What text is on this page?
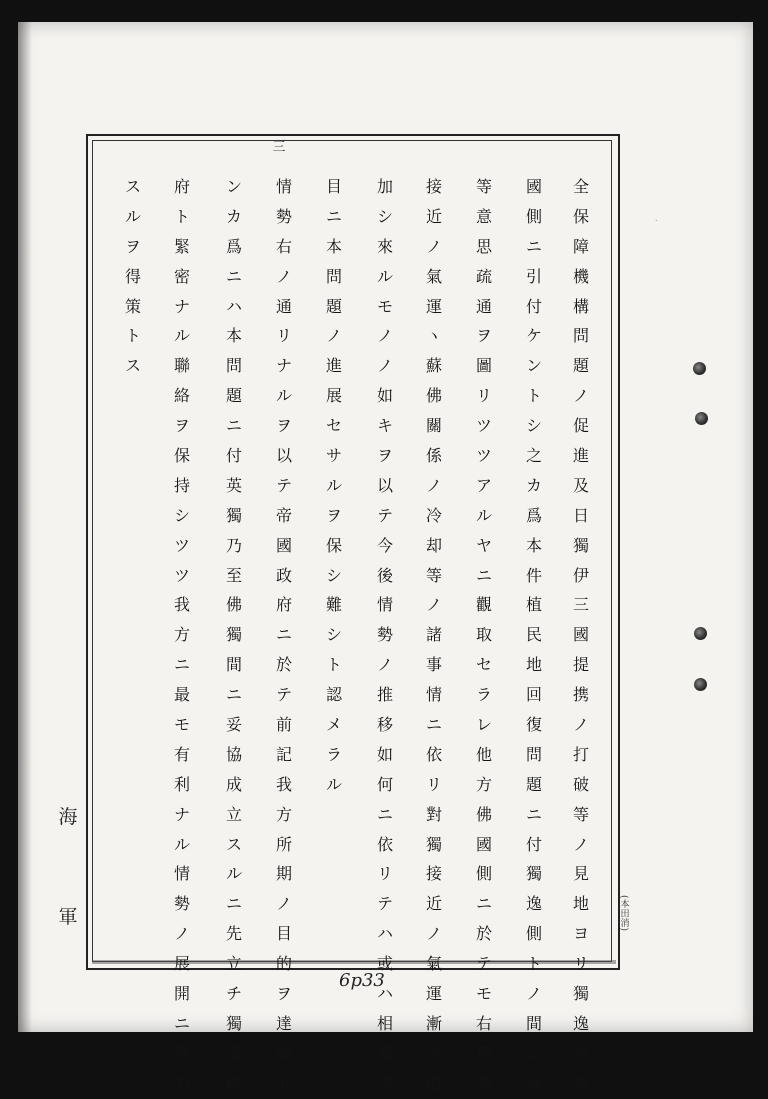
三
全
保
障
機
構
問
題
ノ
促
進
及
日
獨
伊
三
國
提
携
ノ
打
破
等
ノ
見
地
ヨ
リ
獨
逸
ヲ
自
國
側
ニ
引
付
ケ
ン
ト
シ
之
カ
爲
本
件
植
民
地
回
復
問
題
ニ
付
獨
逸
側
ト
ノ
間
ニ
何
等
意
思
疏
通
ヲ
圖
リ
ツ
ツ
ア
ル
ヤ
ニ
觀
取
セ
ラ
レ
他
方
佛
國
側
ニ
於
テ
モ
右
英
獨
接
近
ノ
氣
運
ヽ
蘇
佛
關
係
ノ
冷
却
等
ノ
諸
事
情
ニ
依
リ
對
獨
接
近
ノ
氣
運
漸
次
增
加
シ
來
ル
モ
ノ
ノ
如
キ
ヲ
以
テ
今
後
情
勢
ノ
推
移
如
何
ニ
依
リ
テ
ハ
或
ハ
相
當
早
目
ニ
本
問
題
ノ
進
展
セ
サ
ル
ヲ
保
シ
難
シ
ト
認
メ
ラ
ル
情
勢
右
ノ
通
リ
ナ
ル
ヲ
以
テ
帝
國
政
府
ニ
於
テ
前
記
我
方
所
期
ノ
目
的
ヲ
達
成
セ
ン
カ
爲
ニ
ハ
本
問
題
ニ
付
英
獨
乃
至
佛
獨
間
ニ
妥
協
成
立
ス
ル
ニ
先
立
チ
獨
逸
政
府
ト
緊
密
ナ
ル
聯
絡
ヲ
保
持
シ
ツ
ツ
我
方
ニ
最
モ
有
利
ナ
ル
情
勢
ノ
展
開
ニ
努
力
ス
ル
ヲ
得
策
ト
ス
海
軍	(本田消)
6p33
ˎ
